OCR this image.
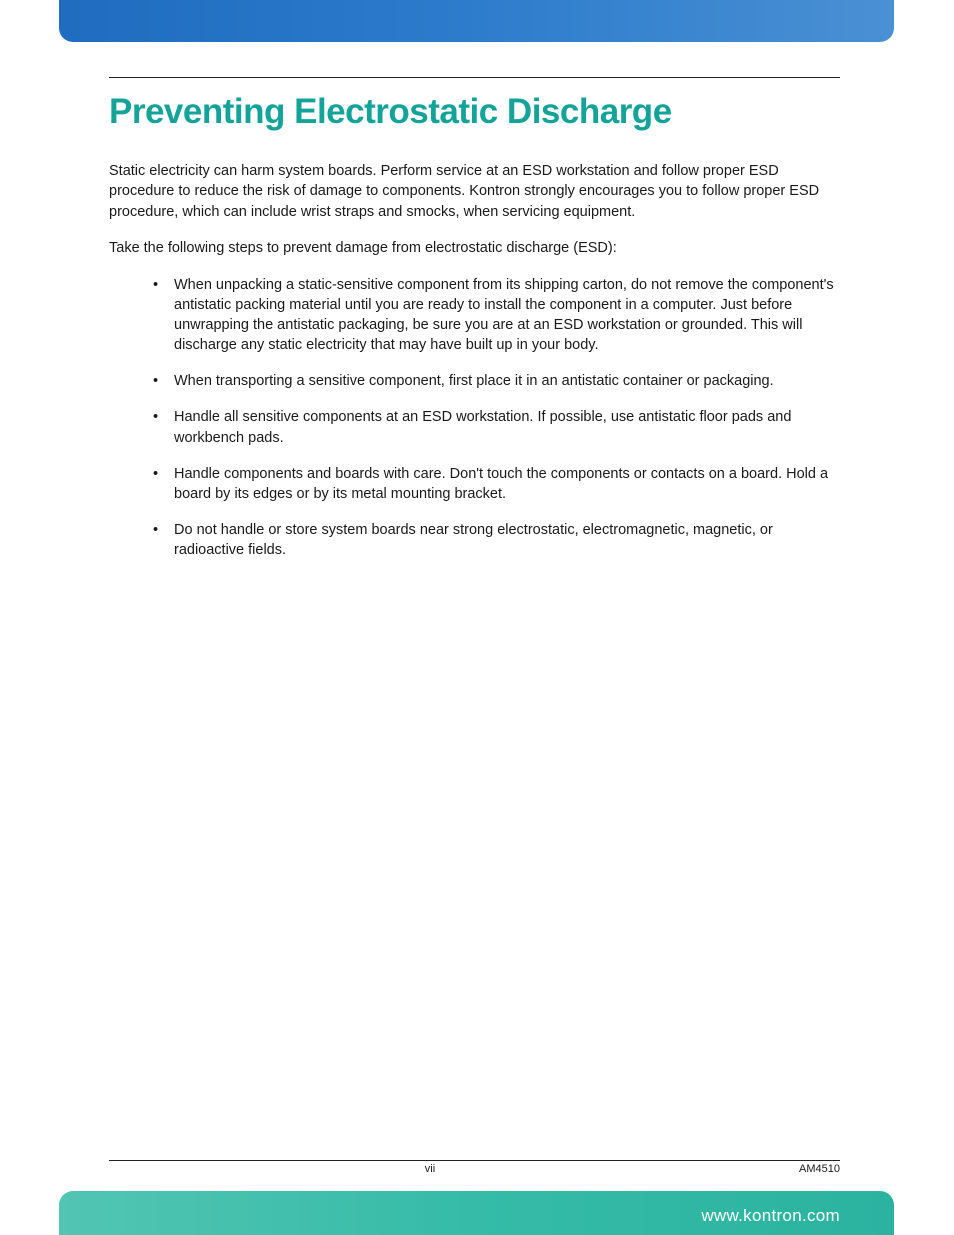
Preventing Electrostatic Discharge

Static electricity can harm system boards. Perform service at an ESD workstation and follow proper ESD procedure to reduce the risk of damage to components. Kontron strongly encourages you to follow proper ESD procedure, which can include wrist straps and smocks, when servicing equipment.

Take the following steps to prevent damage from electrostatic discharge (ESD):

• When unpacking a static-sensitive component from its shipping carton, do not remove the component's antistatic packing material until you are ready to install the component in a computer. Just before unwrapping the antistatic packaging, be sure you are at an ESD workstation or grounded. This will discharge any static electricity that may have built up in your body.
• When transporting a sensitive component, first place it in an antistatic container or packaging.
• Handle all sensitive components at an ESD workstation. If possible, use antistatic floor pads and workbench pads.
• Handle components and boards with care. Don't touch the components or contacts on a board. Hold a board by its edges or by its metal mounting bracket.
• Do not handle or store system boards near strong electrostatic, electromagnetic, magnetic, or radioactive fields.
vii	AM4510
www.kontron.com
